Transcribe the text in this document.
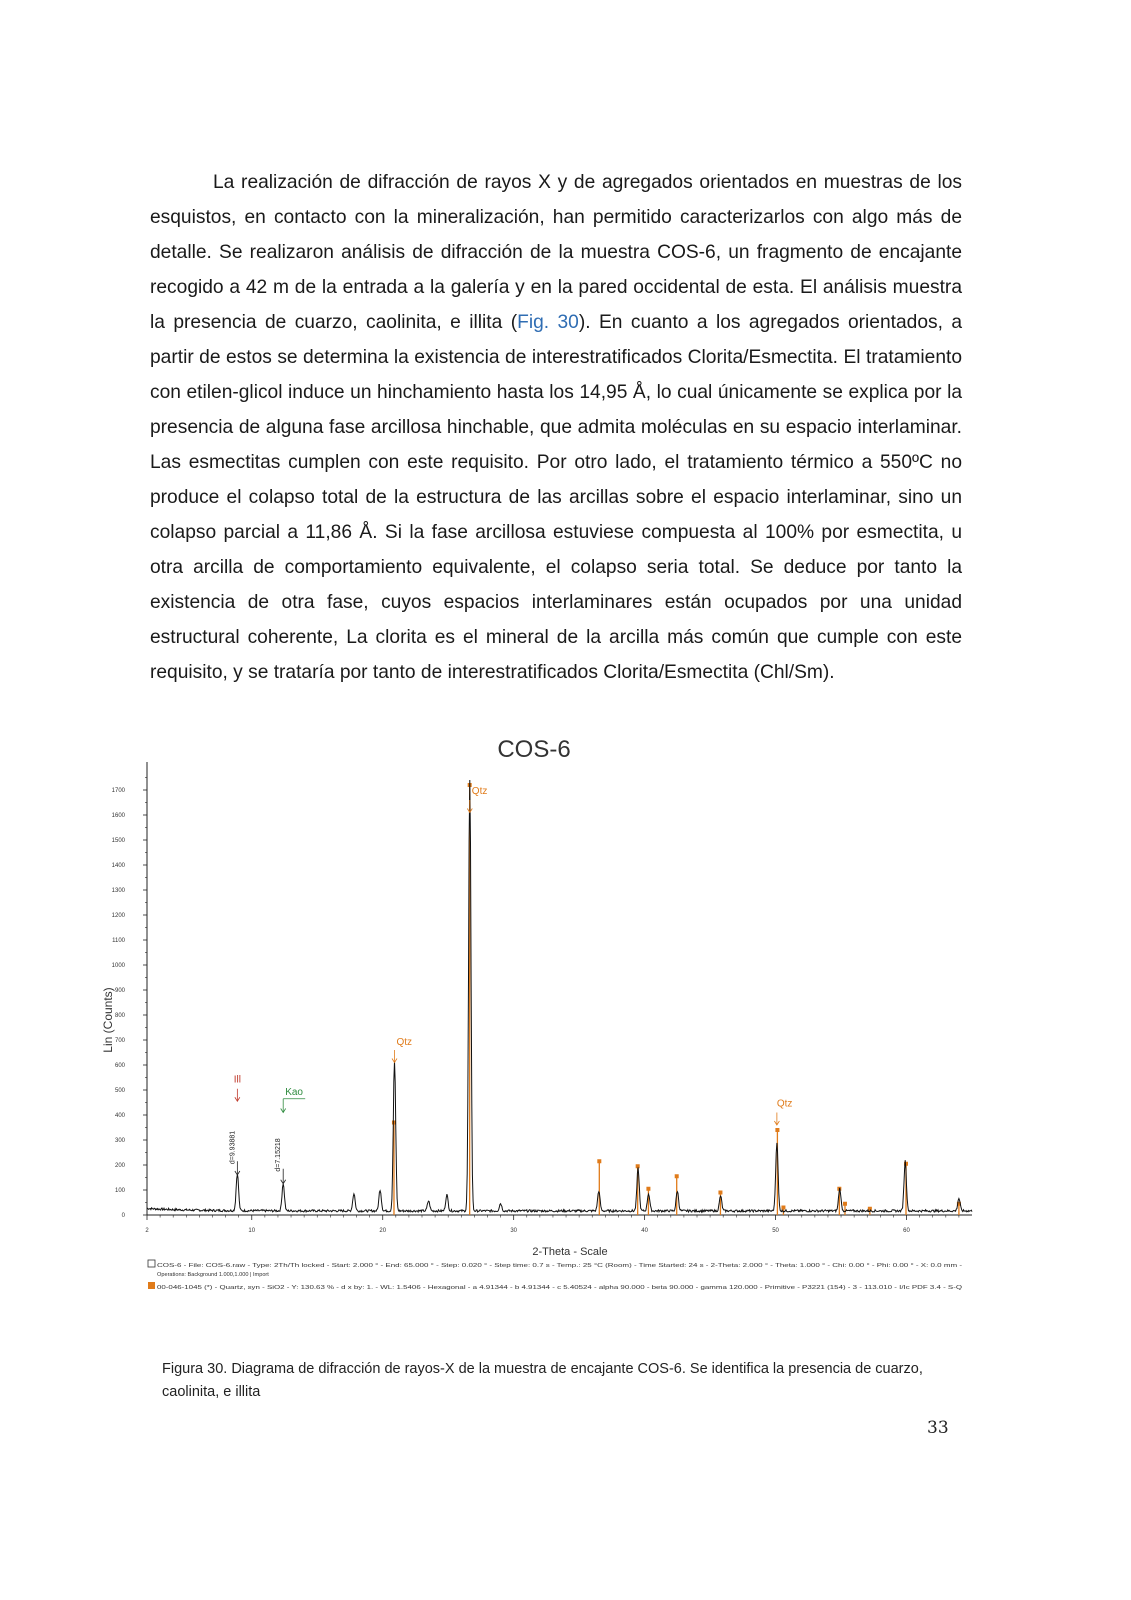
La realización de difracción de rayos X y de agregados orientados en muestras de los esquistos, en contacto con la mineralización, han permitido caracterizarlos con algo más de detalle. Se realizaron análisis de difracción de la muestra COS-6, un fragmento de encajante recogido a 42 m de la entrada a la galería y en la pared occidental de esta. El análisis muestra la presencia de cuarzo, caolinita, e illita (Fig. 30). En cuanto a los agregados orientados, a partir de estos se determina la existencia de interestratificados Clorita/Esmectita. El tratamiento con etilen-glicol induce un hinchamiento hasta los 14,95 Å, lo cual únicamente se explica por la presencia de alguna fase arcillosa hinchable, que admita moléculas en su espacio interlaminar. Las esmectitas cumplen con este requisito. Por otro lado, el tratamiento térmico a 550ºC no produce el colapso total de la estructura de las arcillas sobre el espacio interlaminar, sino un colapso parcial a 11,86 Å. Si la fase arcillosa estuviese compuesta al 100% por esmectita, u otra arcilla de comportamiento equivalente, el colapso seria total. Se deduce por tanto la existencia de otra fase, cuyos espacios interlaminares están ocupados por una unidad estructural coherente, La clorita es el mineral de la arcilla más común que cumple con este requisito, y se trataría por tanto de interestratificados Clorita/Esmectita (Chl/Sm).

COS-6
Lin (Counts)
2-Theta - Scale
0
100
200
300
400
500
600
700
800
900
1000
1100
1200
1300
1400
1500
1600
1700
2	10	20	30	40	50	60
Qtz
Qtz
Ill
Kao
Qtz
d=9.93881	d=7.15218
COS-6 - File: COS-6.raw - Type: 2Th/Th locked - Start: 2.000 ° - End: 65.000 ° - Step: 0.020 ° - Step time: 0.7 s - Temp.: 25 °C (Room) - Time Started: 24 s - 2-Theta: 2.000 ° - Theta: 1.000 ° - Chi: 0.00 ° - Phi: 0.00 ° - X: 0.0 mm -
Operations: Background 1.000,1.000 | Import
00-046-1045 (*) - Quartz, syn - SiO2 - Y: 130.63 % - d x by: 1. - WL: 1.5406 - Hexagonal - a 4.91344 - b 4.91344 - c 5.40524 - alpha 90.000 - beta 90.000 - gamma 120.000 - Primitive - P3221 (154) - 3 - 113.010 - I/Ic PDF 3.4 - S-Q

Figura 30. Diagrama de difracción de rayos-X de la muestra de encajante COS-6. Se identifica la presencia de cuarzo, caolinita, e illita

33
